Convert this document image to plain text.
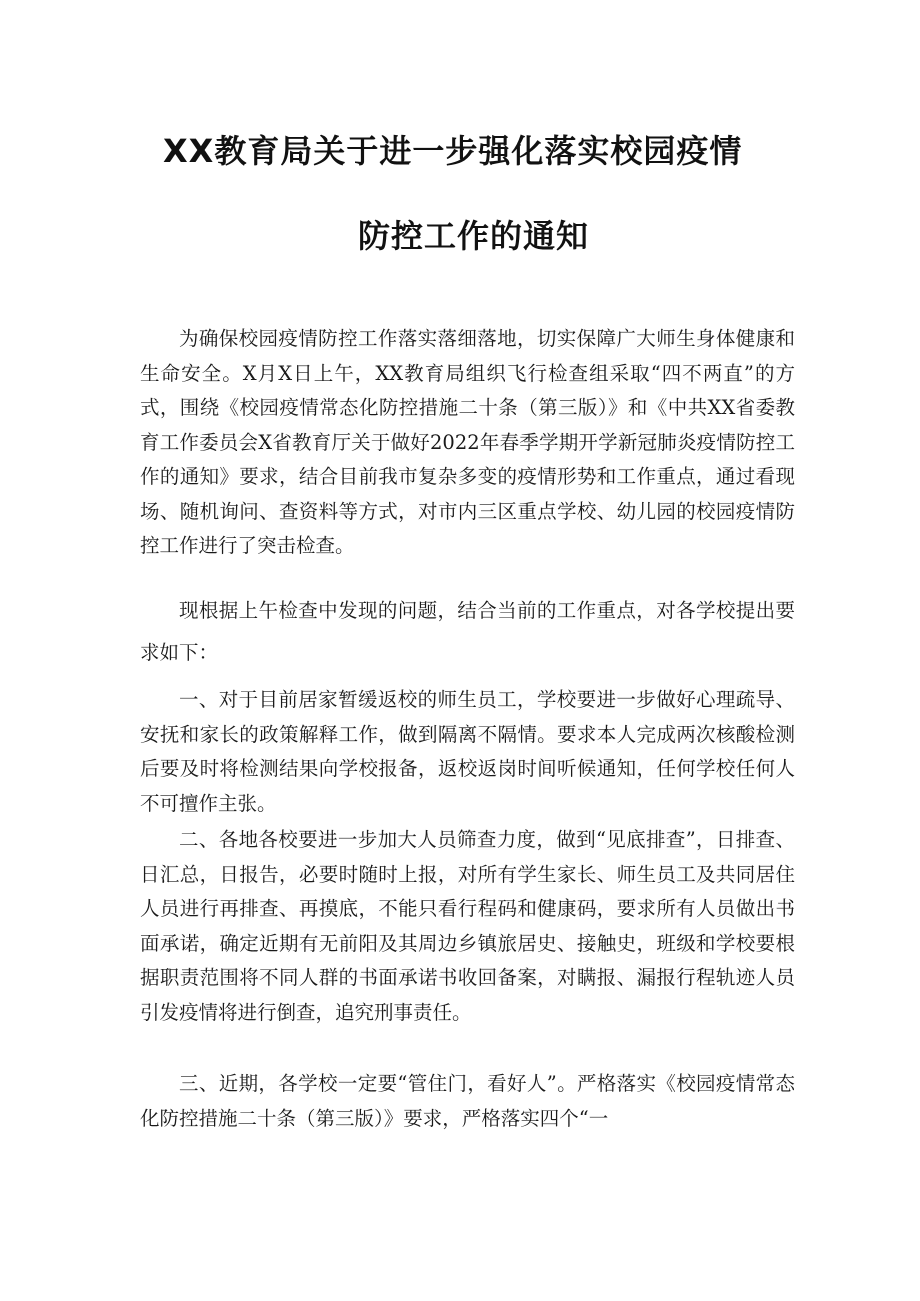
XX教育局关于进一步强化落实校园疫情
防控工作的通知

为确保校园疫情防控工作落实落细落地，切实保障广大师生身体健康和生命安全。X月X日上午，XX教育局组织飞行检查组采取“四不两直”的方式，围绕《校园疫情常态化防控措施二十条（第三版）》和《中共XX省委教育工作委员会X省教育厅关于做好2022年春季学期开学新冠肺炎疫情防控工作的通知》要求，结合目前我市复杂多变的疫情形势和工作重点，通过看现场、随机询问、查资料等方式，对市内三区重点学校、幼儿园的校园疫情防控工作进行了突击检查。

现根据上午检查中发现的问题，结合当前的工作重点，对各学校提出要求如下：

一、对于目前居家暂缓返校的师生员工，学校要进一步做好心理疏导、安抚和家长的政策解释工作，做到隔离不隔情。要求本人完成两次核酸检测后要及时将检测结果向学校报备，返校返岗时间听候通知，任何学校任何人不可擅作主张。

二、各地各校要进一步加大人员筛查力度，做到“见底排查”，日排查、日汇总，日报告，必要时随时上报，对所有学生家长、师生员工及共同居住人员进行再排查、再摸底，不能只看行程码和健康码，要求所有人员做出书面承诺，确定近期有无前阳及其周边乡镇旅居史、接触史，班级和学校要根据职责范围将不同人群的书面承诺书收回备案，对瞒报、漏报行程轨迹人员引发疫情将进行倒查，追究刑事责任。

三、近期，各学校一定要“管住门，看好人”。严格落实《校园疫情常态化防控措施二十条（第三版）》要求，严格落实四个“一
